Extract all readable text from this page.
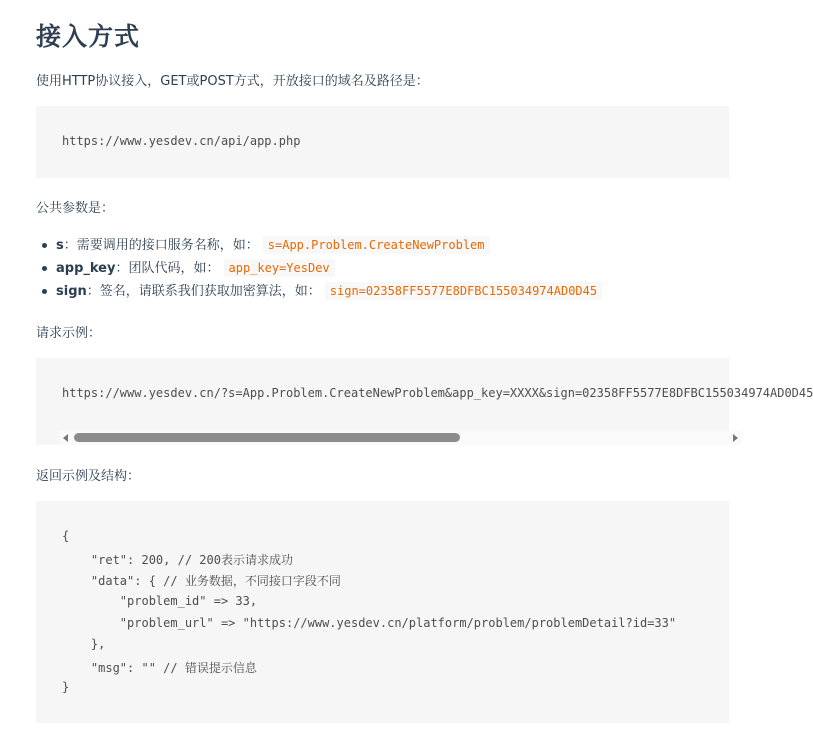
接入方式

使用HTTP协议接入，GET或POST方式，开放接口的域名及路径是：

https://www.yesdev.cn/api/app.php

公共参数是：

s：需要调用的接口服务名称，如： s=App.Problem.CreateNewProblem
app_key：团队代码，如： app_key=YesDev
sign：签名，请联系我们获取加密算法，如： sign=02358FF5577E8DFBC155034974AD0D45

请求示例：

https://www.yesdev.cn/?s=App.Problem.CreateNewProblem&app_key=XXXX&sign=02358FF5577E8DFBC155034974AD0D45

返回示例及结构：

{
"ret": 200, // 200表示请求成功
"data": { // 业务数据，不同接口字段不同
"problem_id" => 33,
"problem_url" => "https://www.yesdev.cn/platform/problem/problemDetail?id=33"
},
"msg": "" // 错误提示信息
}
